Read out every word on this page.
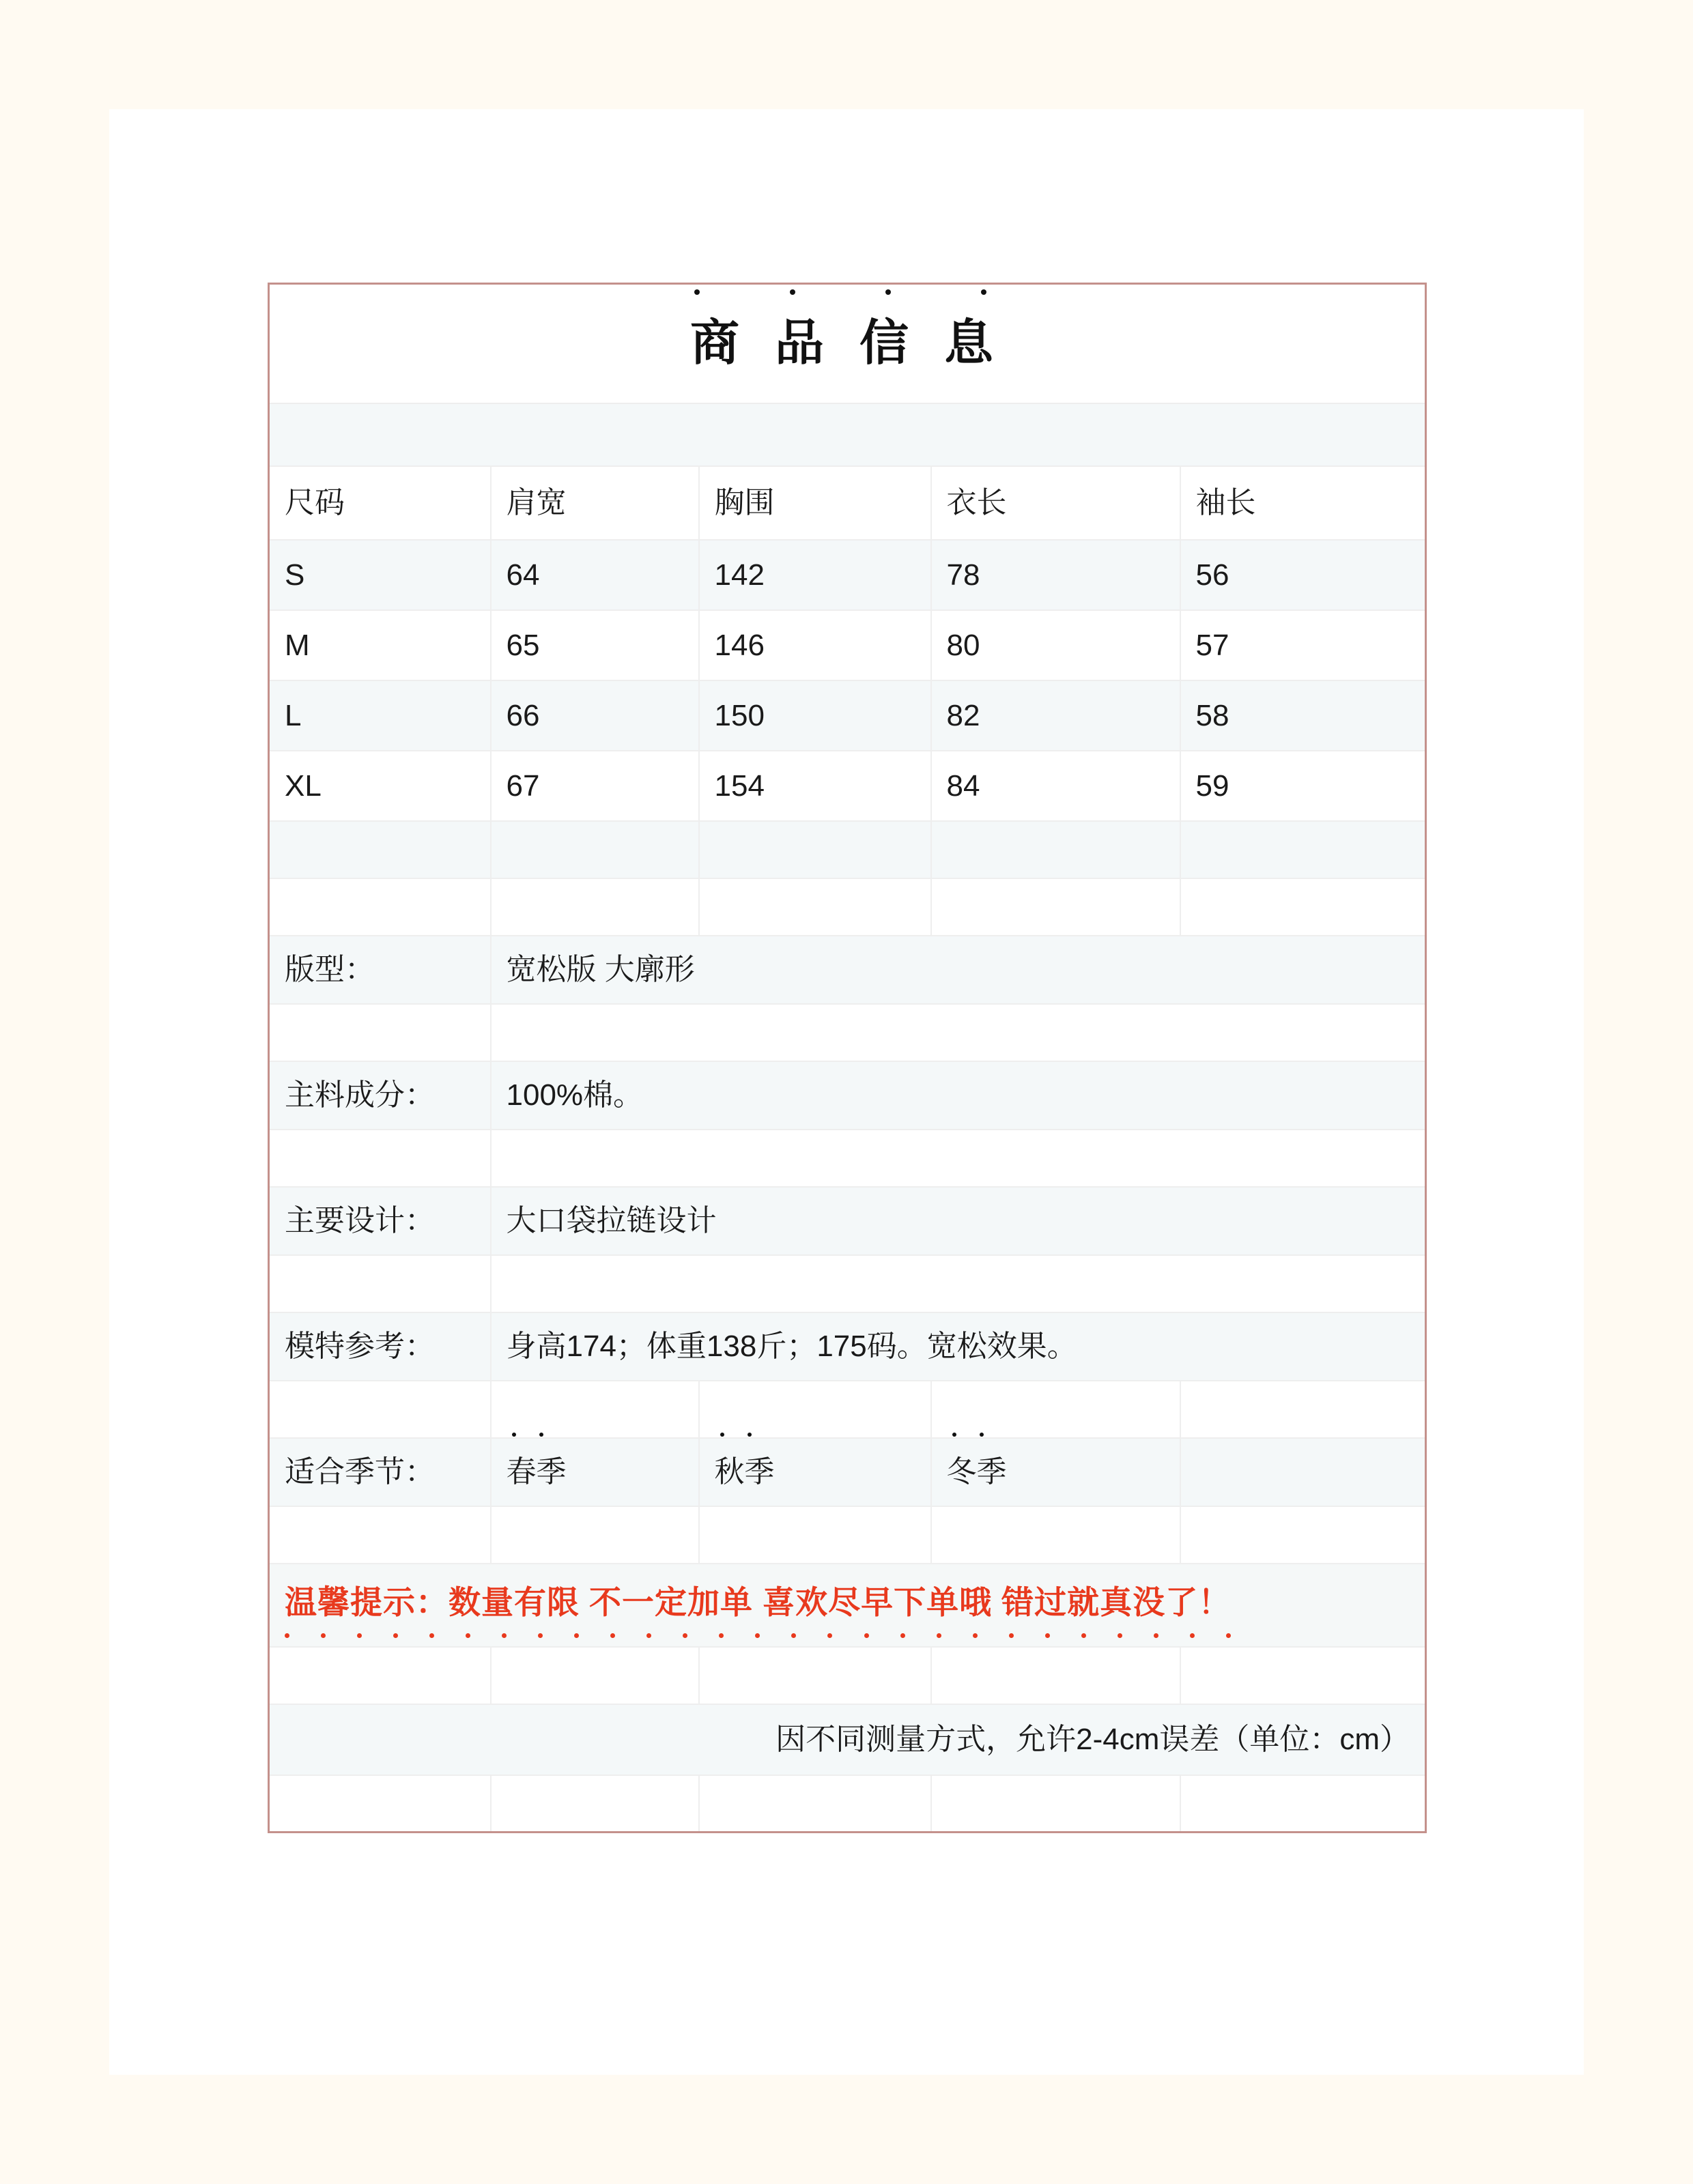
商 品 信 息				

尺码	肩宽	胸围	衣长	袖长
S	64	142	78	56
M	65	146	80	57
L	66	150	82	58
XL	67	154	84	59

版型：	宽松版 大廓形			

主料成分：	100%棉。			

主要设计：	大口袋拉链设计			

模特参考：	身高174；体重138斤；175码。宽松效果。			

适合季节：	春季	秋季	冬季	

温馨提示：数量有限 不一定加单 喜欢尽早下单哦 错过就真没了！				

因不同测量方式，允许2-4cm误差（单位：cm）				
